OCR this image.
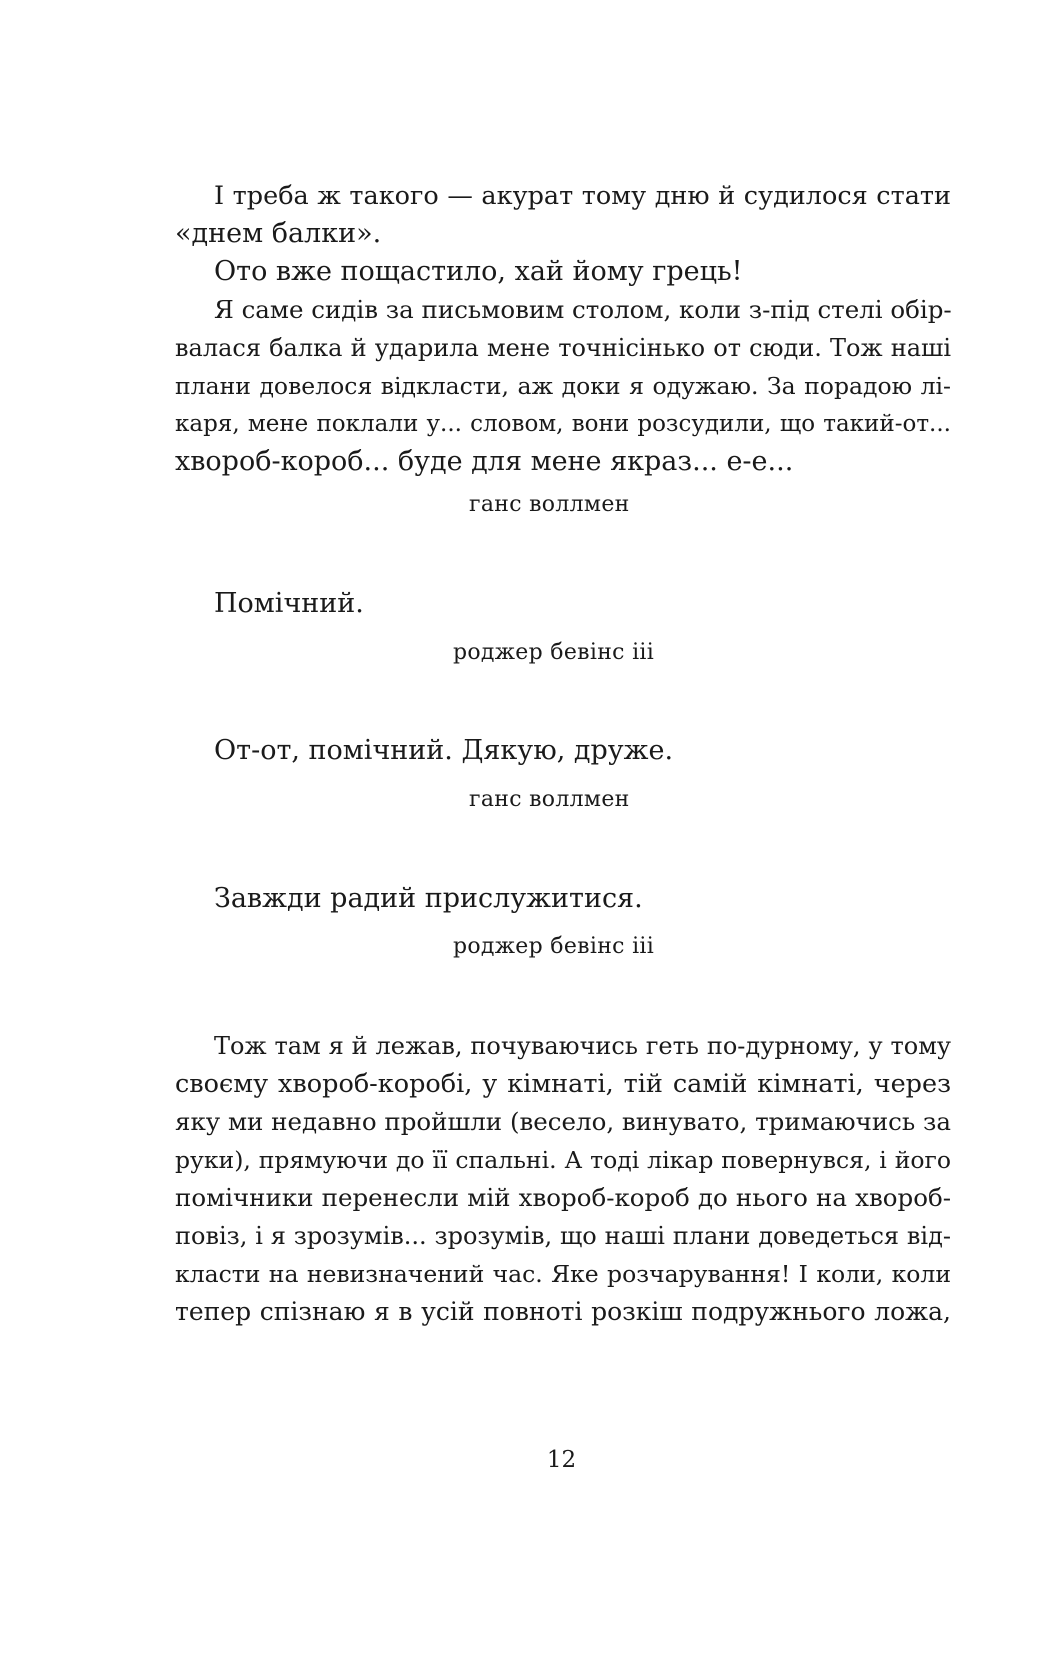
І треба ж такого — акурат тому дню й судилося стати
«днем балки».
Ото вже пощастило, хай йому грець!
Я саме сидів за письмовим столом, коли з-під стелі обір-
валася балка й ударила мене точнісінько от сюди. Тож наші
плани довелося відкласти, аж доки я одужаю. За порадою лі-
каря, мене поклали у... словом, вони розсудили, що такий-от...
хвороб-короб... буде для мене якраз... е-е...
ганс воллмен
Помічний.
роджер бевінс ііі
От-от, помічний. Дякую, друже.
ганс воллмен
Завжди радий прислужитися.
роджер бевінс ііі
Тож там я й лежав, почуваючись геть по-дурному, у тому
своєму хвороб-коробі, у кімнаті, тій самій кімнаті, через
яку ми недавно пройшли (весело, винувато, тримаючись за
руки), прямуючи до її спальні. А тоді лікар повернувся, і його
помічники перенесли мій хвороб-короб до нього на хвороб-
повіз, і я зрозумів... зрозумів, що наші плани доведеться від-
класти на невизначений час. Яке розчарування! І коли, коли
тепер спізнаю я в усій повноті розкіш подружнього ложа,
12
